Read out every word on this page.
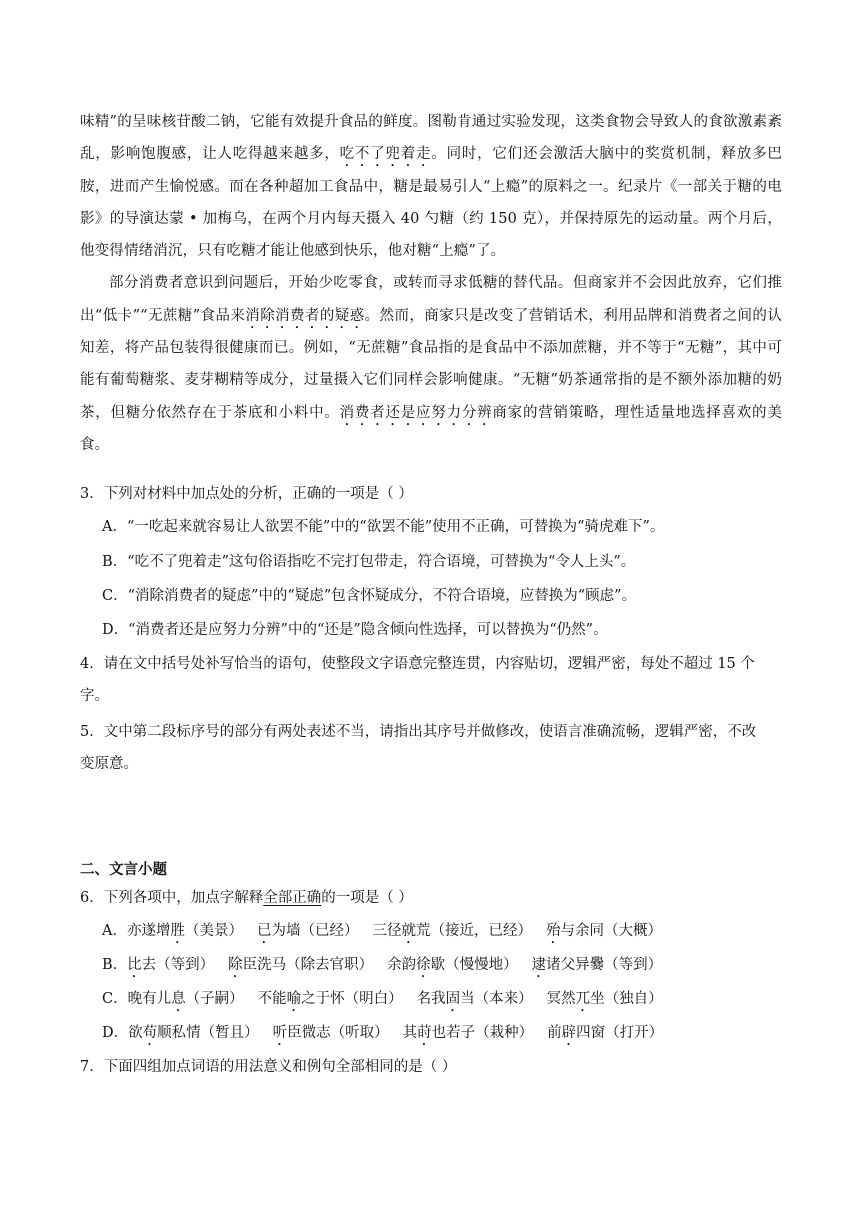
味精”的呈味核苷酸二钠，它能有效提升食品的鲜度。图勒肯通过实验发现，这类食物会导致人的食欲激素紊乱，影响饱腹感，让人吃得越来越多，吃不了兜着走。同时，它们还会激活大脑中的奖赏机制，释放多巴胺，进而产生愉悦感。而在各种超加工食品中，糖是最易引人“上瘾”的原料之一。纪录片《一部关于糖的电影》的导演达蒙 • 加梅乌，在两个月内每天摄入 40 勺糖（约 150 克），并保持原先的运动量。两个月后，他变得情绪消沉，只有吃糖才能让他感到快乐，他对糖“上瘾”了。

部分消费者意识到问题后，开始少吃零食，或转而寻求低糖的替代品。但商家并不会因此放弃，它们推出“低卡”“无蔗糖”食品来消除消费者的疑惑。然而，商家只是改变了营销话术，利用品牌和消费者之间的认知差，将产品包装得很健康而已。例如，“无蔗糖”食品指的是食品中不添加蔗糖，并不等于“无糖”，其中可能有葡萄糖浆、麦芽糊精等成分，过量摄入它们同样会影响健康。“无糖”奶茶通常指的是不额外添加糖的奶茶，但糖分依然存在于茶底和小料中。消费者还是应努力分辨商家的营销策略，理性适量地选择喜欢的美食。

3．下列对材料中加点处的分析，正确的一项是（ ）

A．“一吃起来就容易让人欲罢不能”中的“欲罢不能”使用不正确，可替换为“骑虎难下”。
B．“吃不了兜着走”这句俗语指吃不完打包带走，符合语境，可替换为“令人上头”。
C．“消除消费者的疑虑”中的“疑虑”包含怀疑成分，不符合语境，应替换为“顾虑”。
D．“消费者还是应努力分辨”中的“还是”隐含倾向性选择，可以替换为“仍然”。

4．请在文中括号处补写恰当的语句，使整段文字语意完整连贯，内容贴切，逻辑严密，每处不超过 15 个

字。

5．文中第二段标序号的部分有两处表述不当，请指出其序号并做修改，使语言准确流畅，逻辑严密，不改

变原意。

二、文言小题

6．下列各项中，加点字解释全部正确的一项是（ ）

A．亦遂增胜（美景） 已为墙（已经） 三径就荒（接近，已经） 殆与余同（大概）
B．比去（等到） 除臣洗马（除去官职） 余韵徐歇（慢慢地） 逮诸父异爨（等到）
C．晚有儿息（子嗣） 不能喻之于怀（明白） 名我固当（本来） 冥然兀坐（独自）
D．欲苟顺私情（暂且） 听臣微志（听取） 其莳也若子（栽种） 前辟四窗（打开）

7．下面四组加点词语的用法意义和例句全部相同的是（ ）
